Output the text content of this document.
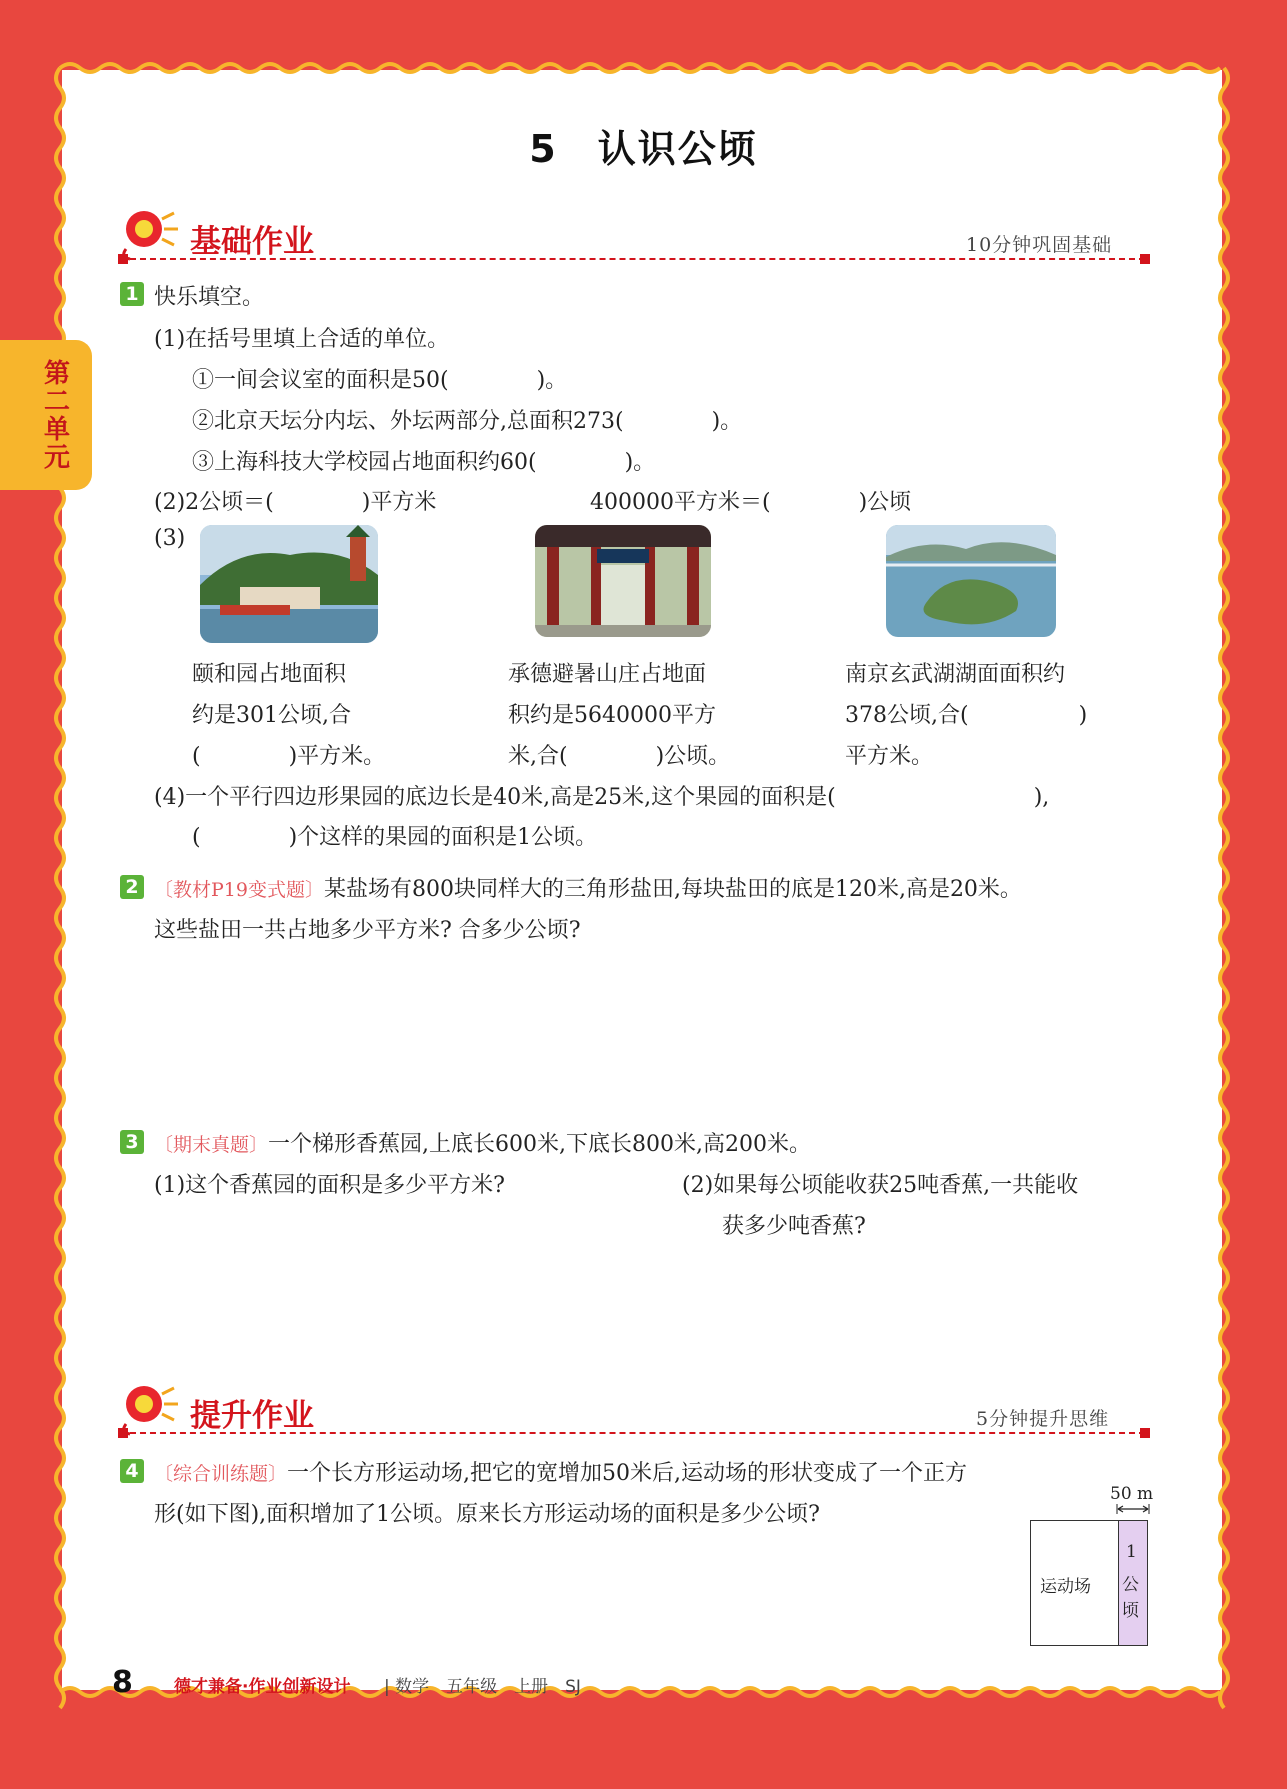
第二单元
5　认识公顷
基础作业	10分钟巩固基础
1 快乐填空。
(1)在括号里填上合适的单位。
①一间会议室的面积是50(　　　　)。
②北京天坛分内坛、外坛两部分,总面积273(　　　　)。
③上海科技大学校园占地面积约60(　　　　)。
(2)2公顷＝(　　　　)平方米	400000平方米＝(　　　　)公顷
(3)
颐和园占地面积
约是301公顷,合
(　　　　)平方米。
承德避暑山庄占地面
积约是5640000平方
米,合(　　　　)公顷。
南京玄武湖湖面面积约
378公顷,合(　　　　　)
平方米。
(4)一个平行四边形果园的底边长是40米,高是25米,这个果园的面积是(　　　　　　　　　),
(　　　　)个这样的果园的面积是1公顷。
2 〔教材P19变式题〕某盐场有800块同样大的三角形盐田,每块盐田的底是120米,高是20米。
这些盐田一共占地多少平方米? 合多少公顷?
3 〔期末真题〕一个梯形香蕉园,上底长600米,下底长800米,高200米。
(1)这个香蕉园的面积是多少平方米?	(2)如果每公顷能收获25吨香蕉,一共能收
获多少吨香蕉?
提升作业	5分钟提升思维
4 〔综合训练题〕一个长方形运动场,把它的宽增加50米后,运动场的形状变成了一个正方
形(如下图),面积增加了1公顷。原来长方形运动场的面积是多少公顷?
50 m
运动场
1
公
顷
8 德才兼备·作业创新设计 | 数学　五年级　上册　SJ
